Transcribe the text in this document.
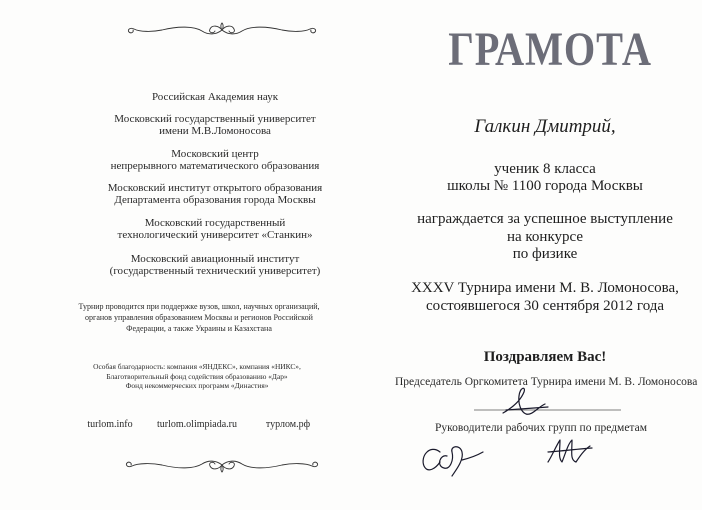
Российская Академия наук
Московский государственный университет
имени М.В.Ломоносова
Московский центр
непрерывного математического образования
Московский институт открытого образования
Департамента образования города Москвы
Московский государственный
технологический университет «Станкин»
Московский авиационный институт
(государственный технический университет)
Турнир проводится при поддержке вузов, школ, научных организаций,
органов управления образованием Москвы и регионов Российской
Федерации, а также Украины и Казахстана
Особая благодарность: компания «ЯНДЕКС», компания «НИКС»,
Благотворительный фонд содействия образованию «Дар»
Фонд некоммерческих программ «Династия»
turlom.info	turlom.olimpiada.ru	турлом.рф
ГРАМОТА
Галкин Дмитрий,
ученик 8 класса
школы № 1100 города Москвы
награждается за успешное выступление
на конкурсе
по физике
XXXV Турнира имени М. В. Ломоносова,
состоявшегося 30 сентября 2012 года
Поздравляем Вас!
Председатель Оргкомитета Турнира имени М. В. Ломоносова
Руководители рабочих групп по предметам
